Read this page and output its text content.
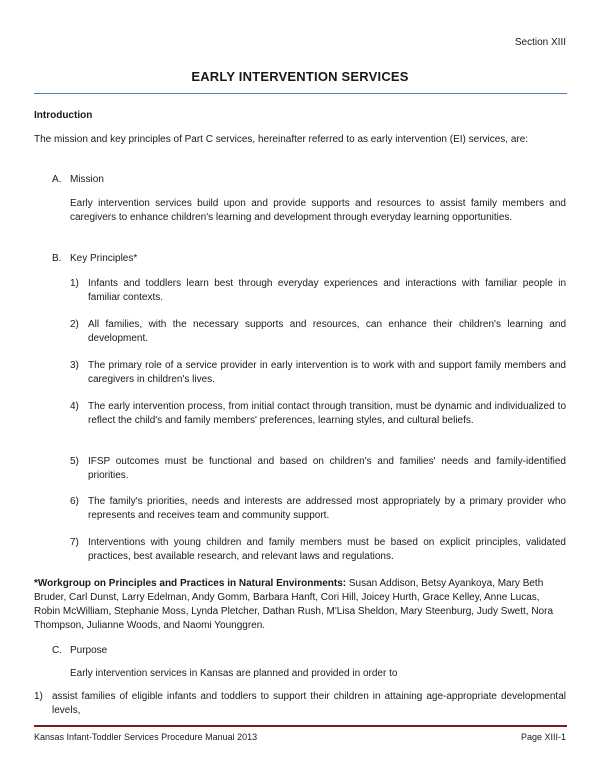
Section XIII
EARLY INTERVENTION SERVICES
Introduction
The mission and key principles of Part C services, hereinafter referred to as early intervention (EI) services, are:
A. Mission
Early intervention services build upon and provide supports and resources to assist family members and caregivers to enhance children's learning and development through everyday learning opportunities.
B. Key Principles*
1) Infants and toddlers learn best through everyday experiences and interactions with familiar people in familiar contexts.
2) All families, with the necessary supports and resources, can enhance their children's learning and development.
3) The primary role of a service provider in early intervention is to work with and support family members and caregivers in children's lives.
4) The early intervention process, from initial contact through transition, must be dynamic and individualized to reflect the child's and family members' preferences, learning styles, and cultural beliefs.
5) IFSP outcomes must be functional and based on children's and families' needs and family-identified priorities.
6) The family's priorities, needs and interests are addressed most appropriately by a primary provider who represents and receives team and community support.
7) Interventions with young children and family members must be based on explicit principles, validated practices, best available research, and relevant laws and regulations.
*Workgroup on Principles and Practices in Natural Environments: Susan Addison, Betsy Ayankoya, Mary Beth Bruder, Carl Dunst, Larry Edelman, Andy Gomm, Barbara Hanft, Cori Hill, Joicey Hurth, Grace Kelley, Anne Lucas, Robin McWilliam, Stephanie Moss, Lynda Pletcher, Dathan Rush, M'Lisa Sheldon, Mary Steenburg, Judy Swett, Nora Thompson, Julianne Woods, and Naomi Younggren.
C. Purpose
Early intervention services in Kansas are planned and provided in order to
1) assist families of eligible infants and toddlers to support their children in attaining age-appropriate developmental levels,
Kansas Infant-Toddler Services Procedure Manual 2013	Page XIII-1
